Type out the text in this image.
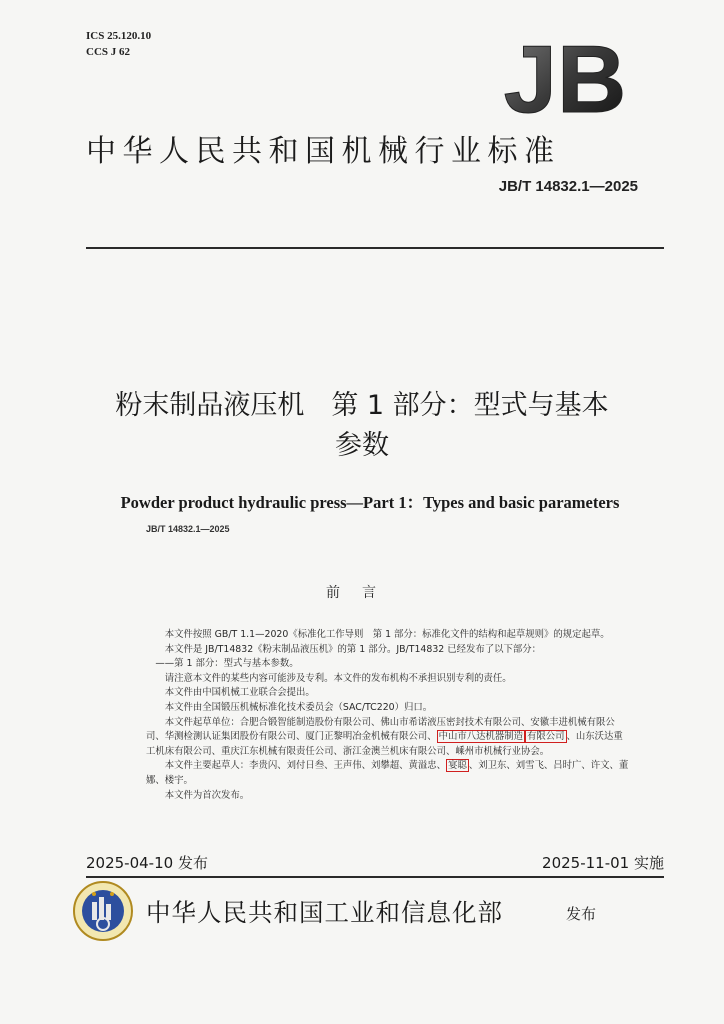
ICS 25.120.10
CCS J 62	JB
中华人民共和国机械行业标准
JB/T 14832.1—2025
粉末制品液压机　第 1 部分：型式与基本
参数
Powder product hydraulic press—Part 1：Types and basic parameters
JB/T 14832.1—2025
前言

本文件按照 GB/T 1.1—2020《标准化工作导则　第 1 部分：标准化文件的结构和起草规则》的规定起草。

本文件是 JB/T14832《粉末制品液压机》的第 1 部分。JB/T14832 已经发布了以下部分：

——第 1 部分：型式与基本参数。

请注意本文件的某些内容可能涉及专利。本文件的发布机构不承担识别专利的责任。

本文件由中国机械工业联合会提出。

本文件由全国锻压机械标准化技术委员会（SAC/TC220）归口。

本文件起草单位：合肥合锻智能制造股份有限公司、佛山市希诺液压密封技术有限公司、安徽丰进机械有限公司、华测检测认证集团股份有限公司、厦门正黎明冶金机械有限公司、 中山市八达机器制造 有限公司 、山东沃达重工机床有限公司、重庆江东机械有限责任公司、浙江金澳兰机床有限公司、嵊州市机械行业协会。

本文件主要起草人：李贵闪、刘付日叁、王声伟、刘攀超、黄溢忠、 宴聪 、刘卫东、刘雪飞、吕时广、许文、董娜、楼宇。

本文件为首次发布。

2025-04-10 发布	2025-11-01 实施
中华人民共和国工业和信息化部	发布
